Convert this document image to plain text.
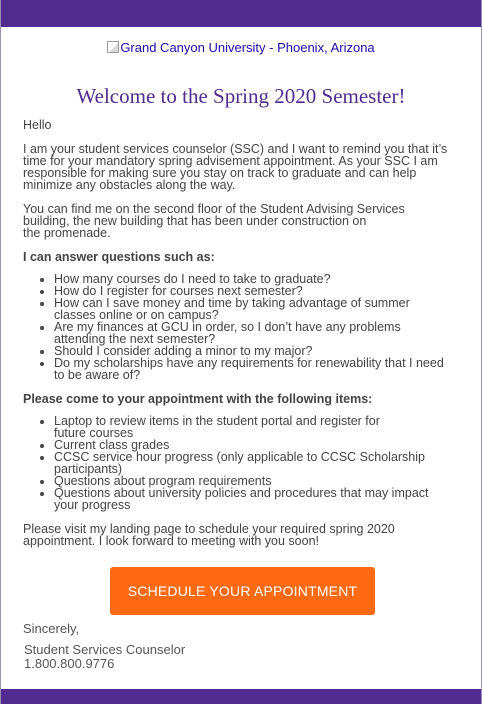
Grand Canyon University - Phoenix, Arizona
Welcome to the Spring 2020 Semester!

Hello

I am your student services counselor (SSC) and I want to remind you that it’s
time for your mandatory spring advisement appointment. As your SSC I am
responsible for making sure you stay on track to graduate and can help
minimize any obstacles along the way.

You can find me on the second floor of the Student Advising Services
building, the new building that has been under construction on
the promenade.

I can answer questions such as:

• How many courses do I need to take to graduate?
• How do I register for courses next semester?
• How can I save money and time by taking advantage of summer
classes online or on campus?
• Are my finances at GCU in order, so I don’t have any problems
attending the next semester?
• Should I consider adding a minor to my major?
• Do my scholarships have any requirements for renewability that I need
to be aware of?

Please come to your appointment with the following items:

• Laptop to review items in the student portal and register for
future courses
• Current class grades
• CCSC service hour progress (only applicable to CCSC Scholarship
participants)
• Questions about program requirements
• Questions about university policies and procedures that may impact
your progress

Please visit my landing page to schedule your required spring 2020
appointment. I look forward to meeting with you soon!

SCHEDULE YOUR APPOINTMENT
Sincerely,
Student Services Counselor
1.800.800.9776
